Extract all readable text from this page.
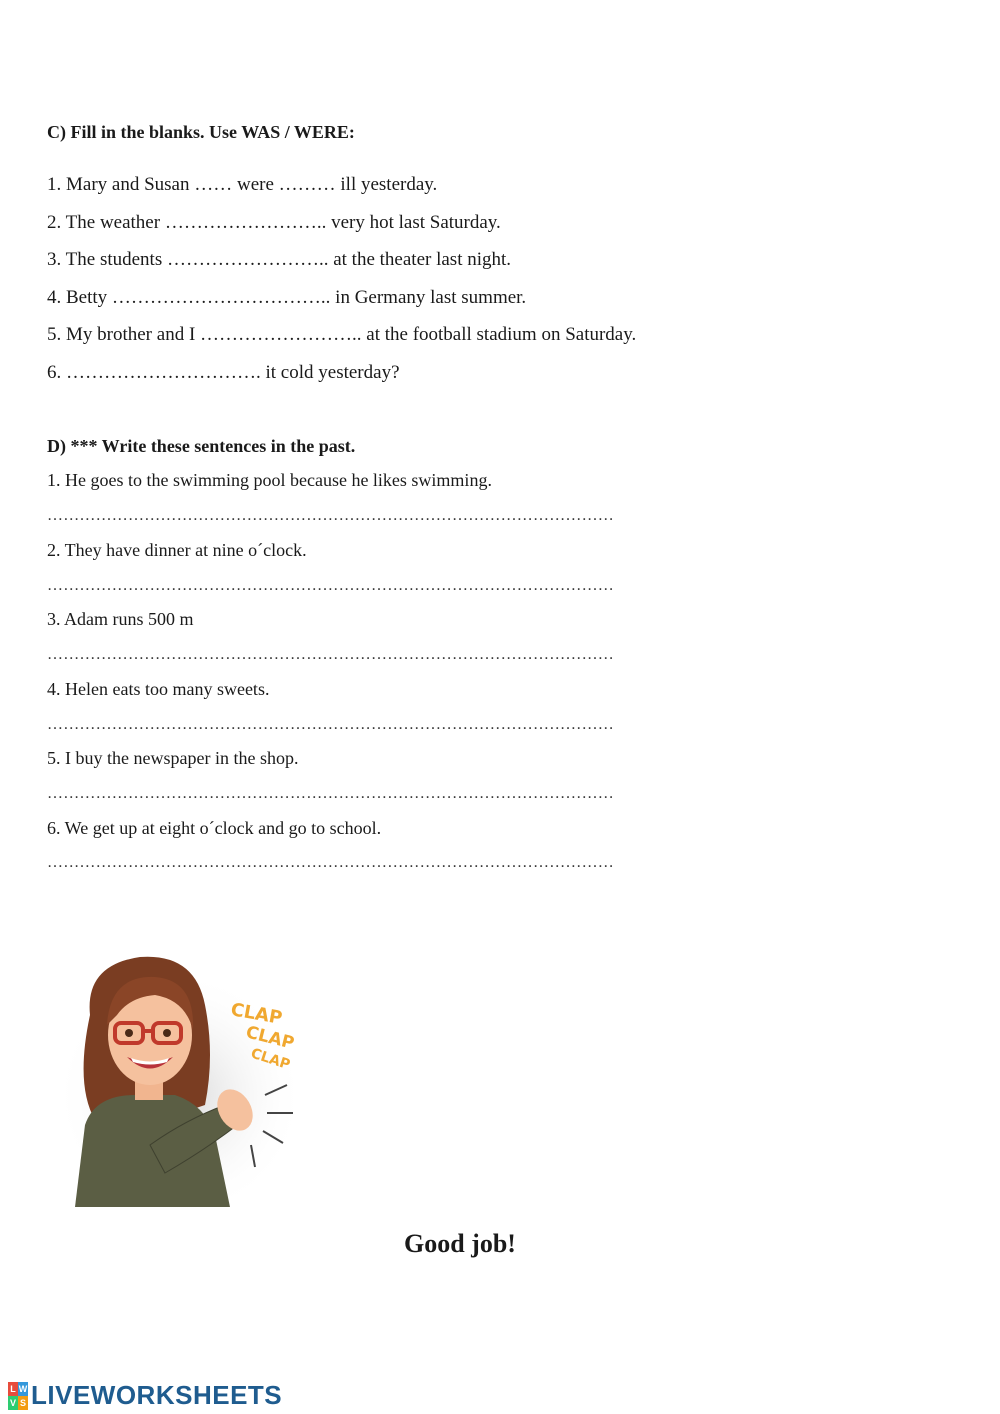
C) Fill in the blanks. Use WAS / WERE:
1. Mary and Susan …… were ……… ill yesterday.
2. The weather …………………….. very hot last Saturday.
3. The students …………………….. at the theater last night.
4. Betty …………………………….. in Germany last summer.
5. My brother and I …………………….. at the football stadium on Saturday.
6. …………………………. it cold yesterday?
D) *** Write these sentences in the past.
1. He goes to the swimming pool because he likes swimming.
……………………………………………………………………………………………
2. They have dinner at nine o´clock.
……………………………………………………………………………………………
3. Adam runs 500 m
……………………………………………………………………………………………
4. Helen eats too many sweets.
……………………………………………………………………………………………
5. I buy the newspaper in the shop.
……………………………………………………………………………………………
6. We get up at eight o´clock and go to school.
……………………………………………………………………………………………
CLAP
CLAP
CLAP
Good job!
L W
V S LIVEWORKSHEETS
